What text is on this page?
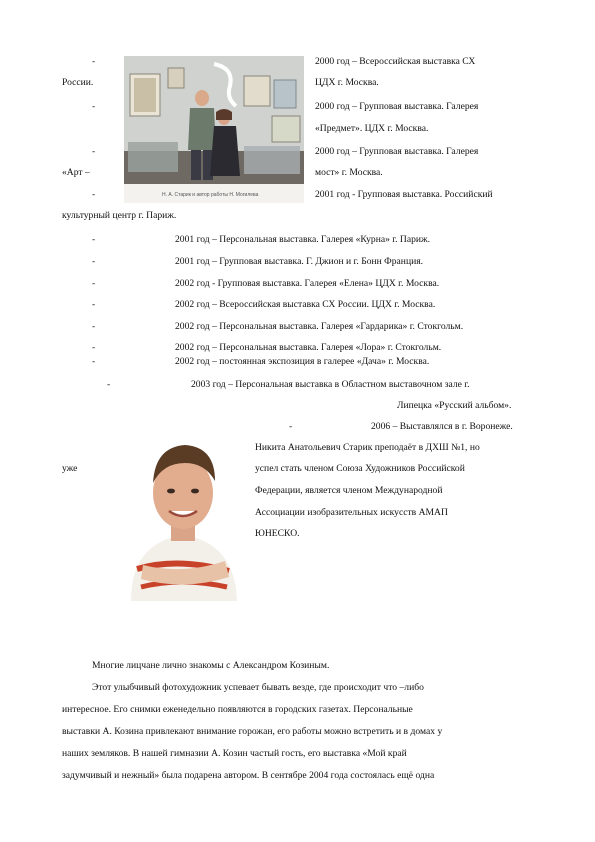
-	2000 год – Всероссийская выставка СХ
России.	ЦДХ г. Москва.
-	2000 год – Групповая выставка. Галерея
«Предмет». ЦДХ г. Москва.
-	2000 год – Групповая выставка. Галерея
«Арт –	мост» г. Москва.
-	2001 год - Групповая выставка. Российский
культурный центр г. Париж.
Н. А. Старик и автор работы Н. Могилева
-	2001 год – Персональная выставка. Галерея «Курна» г. Париж.
-	2001 год – Групповая выставка. Г. Джион и г. Бонн Франция.
-	2002 год - Групповая выставка. Галерея «Елена» ЦДХ г. Москва.
-	2002 год – Всероссийская выставка СХ России. ЦДХ г. Москва.
-	2002 год – Персональная выставка. Галерея «Гардарика» г. Стокгольм.
-	2002 год – Персональная выставка. Галерея «Лора» г. Стокгольм.
-	2002 год – постоянная экспозиция в галерее «Дача» г. Москва.
-	2003 год – Персональная выставка в Областном выставочном зале г.
Липецка «Русский альбом».
-	2006 – Выставлялся в г. Воронеже.
Никита Анатольевич Старик преподаёт в ДХШ №1, но
уже	успел стать членом Союза Художников Российской
Федерации, является членом Международной
Ассоциации изобразительных искусств АМАП
ЮНЕСКО.
Многие лицчане лично знакомы с Александром Козиным.
Этот улыбчивый фотохудожник успевает бывать везде, где происходит что –либо
интересное. Его снимки еженедельно появляются в городских газетах. Персональные
выставки А. Козина привлекают внимание горожан, его работы можно встретить и в домах у
наших земляков. В нашей гимназии А. Козин частый гость, его выставка «Мой край
задумчивый и нежный» была подарена автором. В сентябре 2004 года состоялась ещё одна
